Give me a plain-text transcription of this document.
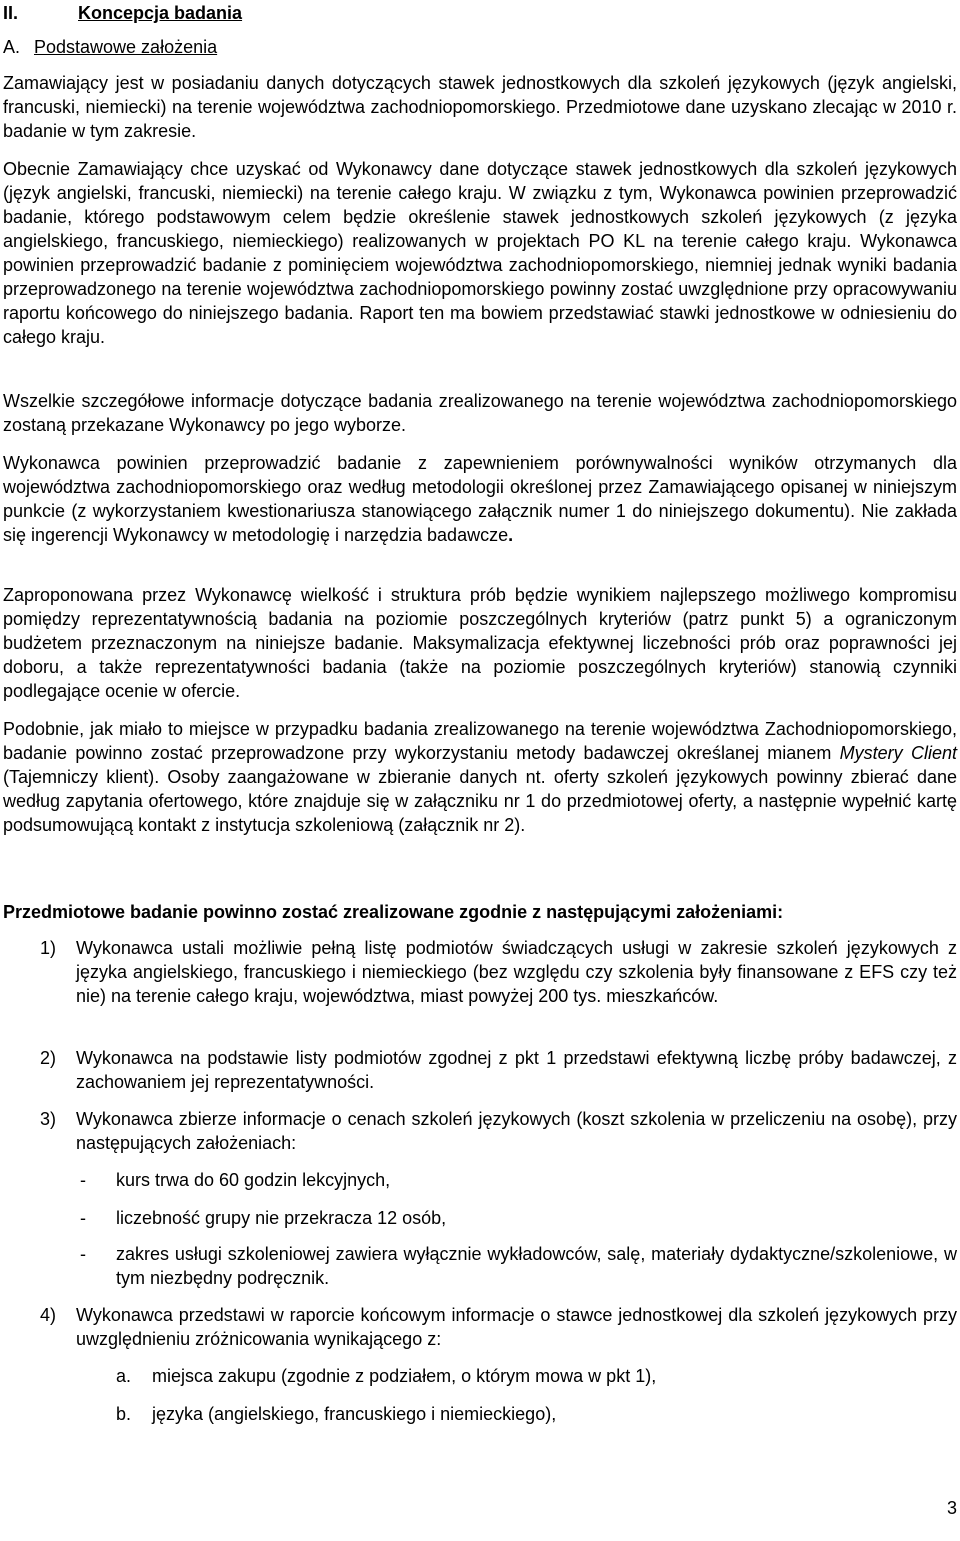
II.	Koncepcja badania
A. Podstawowe założenia

Zamawiający jest w posiadaniu danych dotyczących stawek jednostkowych dla szkoleń językowych (język angielski, francuski, niemiecki) na terenie województwa zachodniopomorskiego. Przedmiotowe dane uzyskano zlecając w 2010 r. badanie w tym zakresie.

Obecnie Zamawiający chce uzyskać od Wykonawcy dane dotyczące stawek jednostkowych dla szkoleń językowych (język angielski, francuski, niemiecki) na terenie całego kraju. W związku z tym, Wykonawca powinien przeprowadzić badanie, którego podstawowym celem będzie określenie stawek jednostkowych szkoleń językowych (z języka angielskiego, francuskiego, niemieckiego) realizowanych w projektach PO KL na terenie całego kraju. Wykonawca powinien przeprowadzić badanie z pominięciem województwa zachodniopomorskiego, niemniej jednak wyniki badania przeprowadzonego na terenie województwa zachodniopomorskiego powinny zostać uwzględnione przy opracowywaniu raportu końcowego do niniejszego badania. Raport ten ma bowiem przedstawiać stawki jednostkowe w odniesieniu do całego kraju.

Wszelkie szczegółowe informacje dotyczące badania zrealizowanego na terenie województwa zachodniopomorskiego zostaną przekazane Wykonawcy po jego wyborze.

Wykonawca powinien przeprowadzić badanie z zapewnieniem porównywalności wyników otrzymanych dla województwa zachodniopomorskiego oraz według metodologii określonej przez Zamawiającego opisanej w niniejszym punkcie (z wykorzystaniem kwestionariusza stanowiącego załącznik numer 1 do niniejszego dokumentu). Nie zakłada się ingerencji Wykonawcy w metodologię i narzędzia badawcze.

Zaproponowana przez Wykonawcę wielkość i struktura prób będzie wynikiem najlepszego możliwego kompromisu pomiędzy reprezentatywnością badania na poziomie poszczególnych kryteriów (patrz punkt 5) a ograniczonym budżetem przeznaczonym na niniejsze badanie. Maksymalizacja efektywnej liczebności prób oraz poprawności jej doboru, a także reprezentatywności badania (także na poziomie poszczególnych kryteriów) stanowią czynniki podlegające ocenie w ofercie.

Podobnie, jak miało to miejsce w przypadku badania zrealizowanego na terenie województwa Zachodniopomorskiego, badanie powinno zostać przeprowadzone przy wykorzystaniu metody badawczej określanej mianem Mystery Client (Tajemniczy klient). Osoby zaangażowane w zbieranie danych nt. oferty szkoleń językowych powinny zbierać dane według zapytania ofertowego, które znajduje się w załączniku nr 1 do przedmiotowej oferty, a następnie wypełnić kartę podsumowującą kontakt z instytucja szkoleniową (załącznik nr 2).

Przedmiotowe badanie powinno zostać zrealizowane zgodnie z następującymi założeniami:

1) Wykonawca ustali możliwie pełną listę podmiotów świadczących usługi w zakresie szkoleń językowych z języka angielskiego, francuskiego i niemieckiego (bez względu czy szkolenia były finansowane z EFS czy też nie) na terenie całego kraju, województwa, miast powyżej 200 tys. mieszkańców.
2) Wykonawca na podstawie listy podmiotów zgodnej z pkt 1 przedstawi efektywną liczbę próby badawczej, z zachowaniem jej reprezentatywności.
3) Wykonawca zbierze informacje o cenach szkoleń językowych (koszt szkolenia w przeliczeniu na osobę), przy następujących założeniach:
- kurs trwa do 60 godzin lekcyjnych,
- liczebność grupy nie przekracza 12 osób,
- zakres usługi szkoleniowej zawiera wyłącznie wykładowców, salę, materiały dydaktyczne/szkoleniowe, w tym niezbędny podręcznik.
4) Wykonawca przedstawi w raporcie końcowym informacje o stawce jednostkowej dla szkoleń językowych przy uwzględnieniu zróżnicowania wynikającego z:
a. miejsca zakupu (zgodnie z podziałem, o którym mowa w pkt 1),
b. języka (angielskiego, francuskiego i niemieckiego),
3
